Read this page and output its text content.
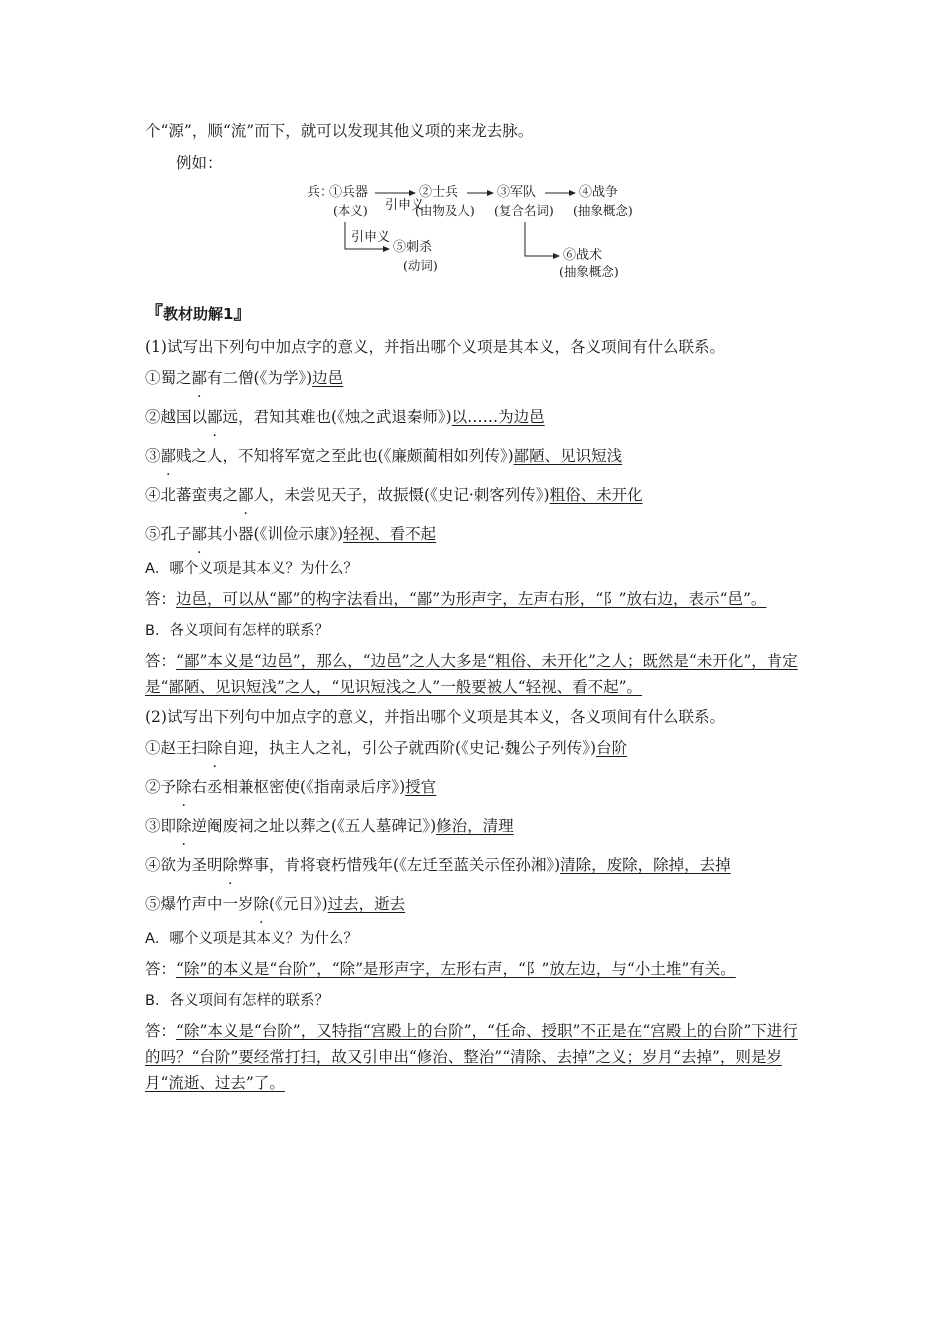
个“源”，顺“流”而下，就可以发现其他义项的来龙去脉。

例如：

兵：
①兵器
(本义) 引申义
②士兵
(由物及人)
③军队
(复合名词)
④战争
(抽象概念)
引申义
⑤刺杀
(动词)
⑥战术
(抽象概念)

『教材助解1』

(1)试写出下列句中加点字的意义，并指出哪个义项是其本义，各义项间有什么联系。

①蜀之鄙有二僧(《为学》)边邑

②越国以鄙远，君知其难也(《烛之武退秦师》)以……为边邑

③鄙贱之人，不知将军宽之至此也(《廉颇蔺相如列传》)鄙陋、见识短浅

④北蕃蛮夷之鄙人，未尝见天子，故振慑(《史记·刺客列传》)粗俗、未开化

⑤孔子鄙其小器(《训俭示康》)轻视、看不起

A．哪个义项是其本义？为什么？

答：边邑，可以从“鄙”的构字法看出，“鄙”为形声字，左声右形，“阝”放右边，表示“邑”。

B．各义项间有怎样的联系？

答：“鄙”本义是“边邑”，那么，“边邑”之人大多是“粗俗、未开化”之人；既然是“未开化”，肯定是“鄙陋、见识短浅”之人，“见识短浅之人”一般要被人“轻视、看不起”。

(2)试写出下列句中加点字的意义，并指出哪个义项是其本义，各义项间有什么联系。

①赵王扫除自迎，执主人之礼，引公子就西阶(《史记·魏公子列传》)台阶

②予除右丞相兼枢密使(《指南录后序》)授官

③即除逆阉废祠之址以葬之(《五人墓碑记》)修治，清理

④欲为圣明除弊事，肯将衰朽惜残年(《左迁至蓝关示侄孙湘》)清除，废除，除掉，去掉

⑤爆竹声中一岁除(《元日》)过去，逝去

A．哪个义项是其本义？为什么？

答：“除”的本义是“台阶”，“除”是形声字，左形右声，“阝”放左边，与“小土堆”有关。

B．各义项间有怎样的联系？

答：“除”本义是“台阶”，又特指“宫殿上的台阶”，“任命、授职”不正是在“宫殿上的台阶”下进行的吗？“台阶”要经常打扫，故又引申出“修治、整治”“清除、去掉”之义；岁月“去掉”，则是岁月“流逝、过去”了。
